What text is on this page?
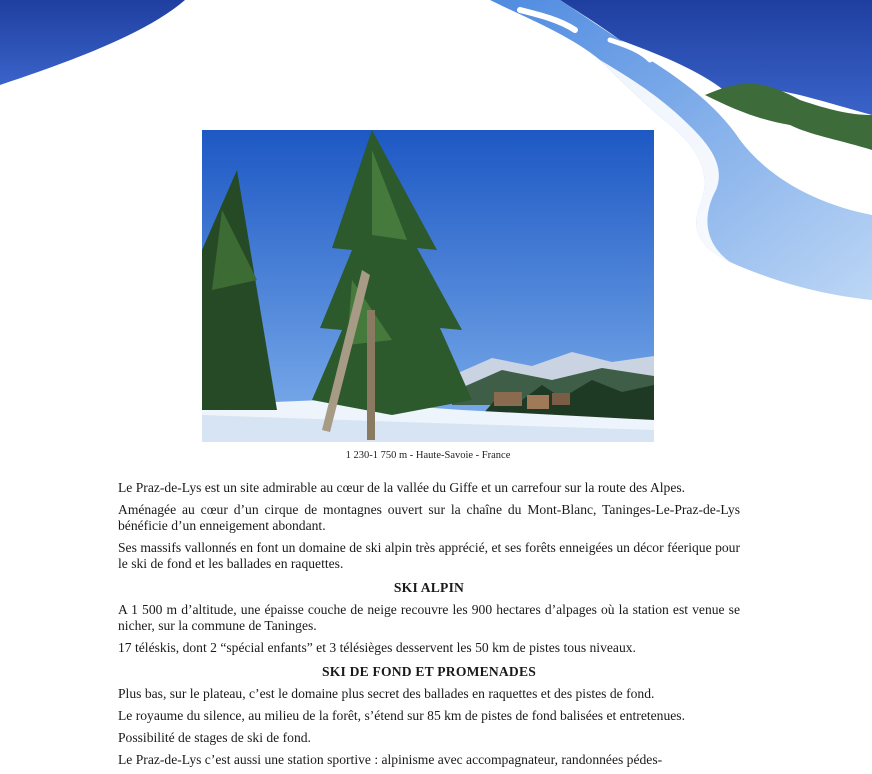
1 230-1 750 m - Haute-Savoie - France

Le Praz-de-Lys est un site admirable au cœur de la vallée du Giffe et un carrefour sur la route des Alpes.

Aménagée au cœur d’un cirque de montagnes ouvert sur la chaîne du Mont-Blanc, Taninges-Le-Praz-de-Lys bénéficie d’un enneigement abondant.

Ses massifs vallonnés en font un domaine de ski alpin très apprécié, et ses forêts enneigées un décor féerique pour le ski de fond et les ballades en raquettes.

SKI ALPIN

A 1 500 m d’altitude, une épaisse couche de neige recouvre les 900 hectares d’alpages où la station est venue se nicher, sur la commune de Taninges.

17 téléskis, dont 2 “spécial enfants” et 3 télésièges desservent les 50 km de pistes tous niveaux.

SKI DE FOND ET PROMENADES

Plus bas, sur le plateau, c’est le domaine plus secret des ballades en raquettes et des pistes de fond.

Le royaume du silence, au milieu de la forêt, s’étend sur 85 km de pistes de fond balisées et entretenues.

Possibilité de stages de ski de fond.

Le Praz-de-Lys c’est aussi une station sportive : alpinisme avec accompagnateur, randonnées pédes-
